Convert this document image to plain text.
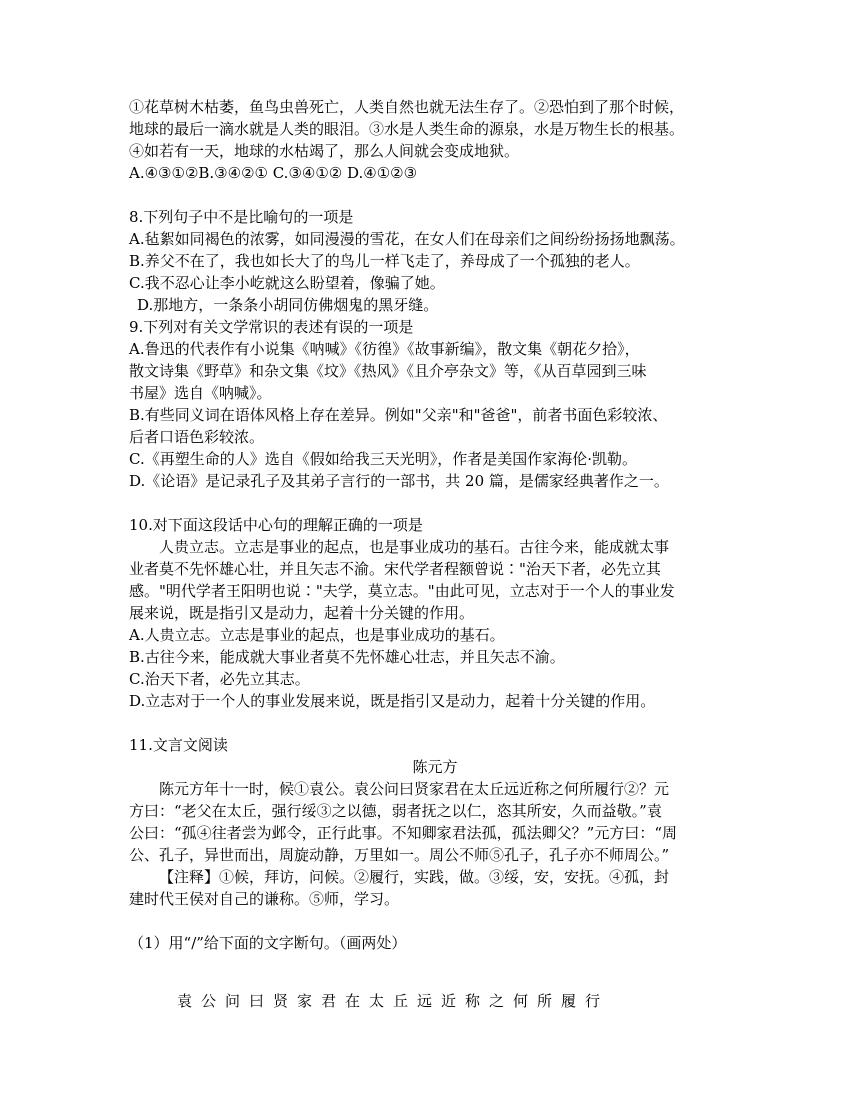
①花草树木枯萎，鱼鸟虫兽死亡，人类自然也就无法生存了。②恐怕到了那个时候，

地球的最后一滴水就是人类的眼泪。③水是人类生命的源泉，水是万物生长的根基。

④如若有一天，地球的水枯竭了，那么人间就会变成地狱。

A.④③①②B.③④②① C.③④①② D.④①②③

8.下列句子中不是比喻句的一项是

A.毡絮如同褐色的浓雾，如同漫漫的雪花，在女人们在母亲们之间纷纷扬扬地飘荡。

B.养父不在了，我也如长大了的鸟儿一样飞走了，养母成了一个孤独的老人。

C.我不忍心让李小屹就这么盼望着，像骗了她。

D.那地方，一条条小胡同仿佛烟鬼的黑牙缝。

9.下列对有关文学常识的表述有误的一项是

A.鲁迅的代表作有小说集《呐喊》《彷徨》《故事新编》，散文集《朝花夕拾》，

散文诗集《野草》和杂文集《坟》《热风》《且介亭杂文》等，《从百草园到三味

书屋》选自《呐喊》。

B.有些同义词在语体风格上存在差异。例如"父亲"和"爸爸"，前者书面色彩较浓、

后者口语色彩较浓。

C.《再塑生命的人》选自《假如给我三天光明》，作者是美国作家海伦·凯勒。

D.《论语》是记录孔子及其弟子言行的一部书，共 20 篇，是儒家经典著作之一。

10.对下面这段话中心句的理解正确的一项是

人贵立志。立志是事业的起点，也是事业成功的基石。古往今来，能成就太事

业者莫不先怀雄心壮，并且矢志不渝。宋代学者程额曾说∶"治天下者，必先立其

感。"明代学者王阳明也说∶"夫学，莫立志。"由此可见，立志对于一个人的事业发

展来说，既是指引又是动力，起着十分关键的作用。

A.人贵立志。立志是事业的起点，也是事业成功的基石。

B.古往今来，能成就大事业者莫不先怀雄心壮志，并且矢志不渝。

C.治天下者，必先立其志。

D.立志对于一个人的事业发展来说，既是指引又是动力，起着十分关键的作用。

11.文言文阅读

陈元方

陈元方年十一时，候①袁公。袁公问曰贤家君在太丘远近称之何所履行②？元

方曰：“老父在太丘，强行绥③之以德，弱者抚之以仁，恣其所安，久而益敬。”袁

公曰：“孤④往者尝为邺令，正行此事。不知卿家君法孤，孤法卿父？”元方曰：“周

公、孔子，异世而出，周旋动静，万里如一。周公不师⑤孔子，孔子亦不师周公。”

【注释】①候，拜访，问候。②履行，实践，做。③绥，安，安抚。④孤，封

建时代王侯对自己的谦称。⑤师，学习。

（1）用“/”给下面的文字断句。（画两处）

袁公问曰贤家君在太丘远近称之何所履行
